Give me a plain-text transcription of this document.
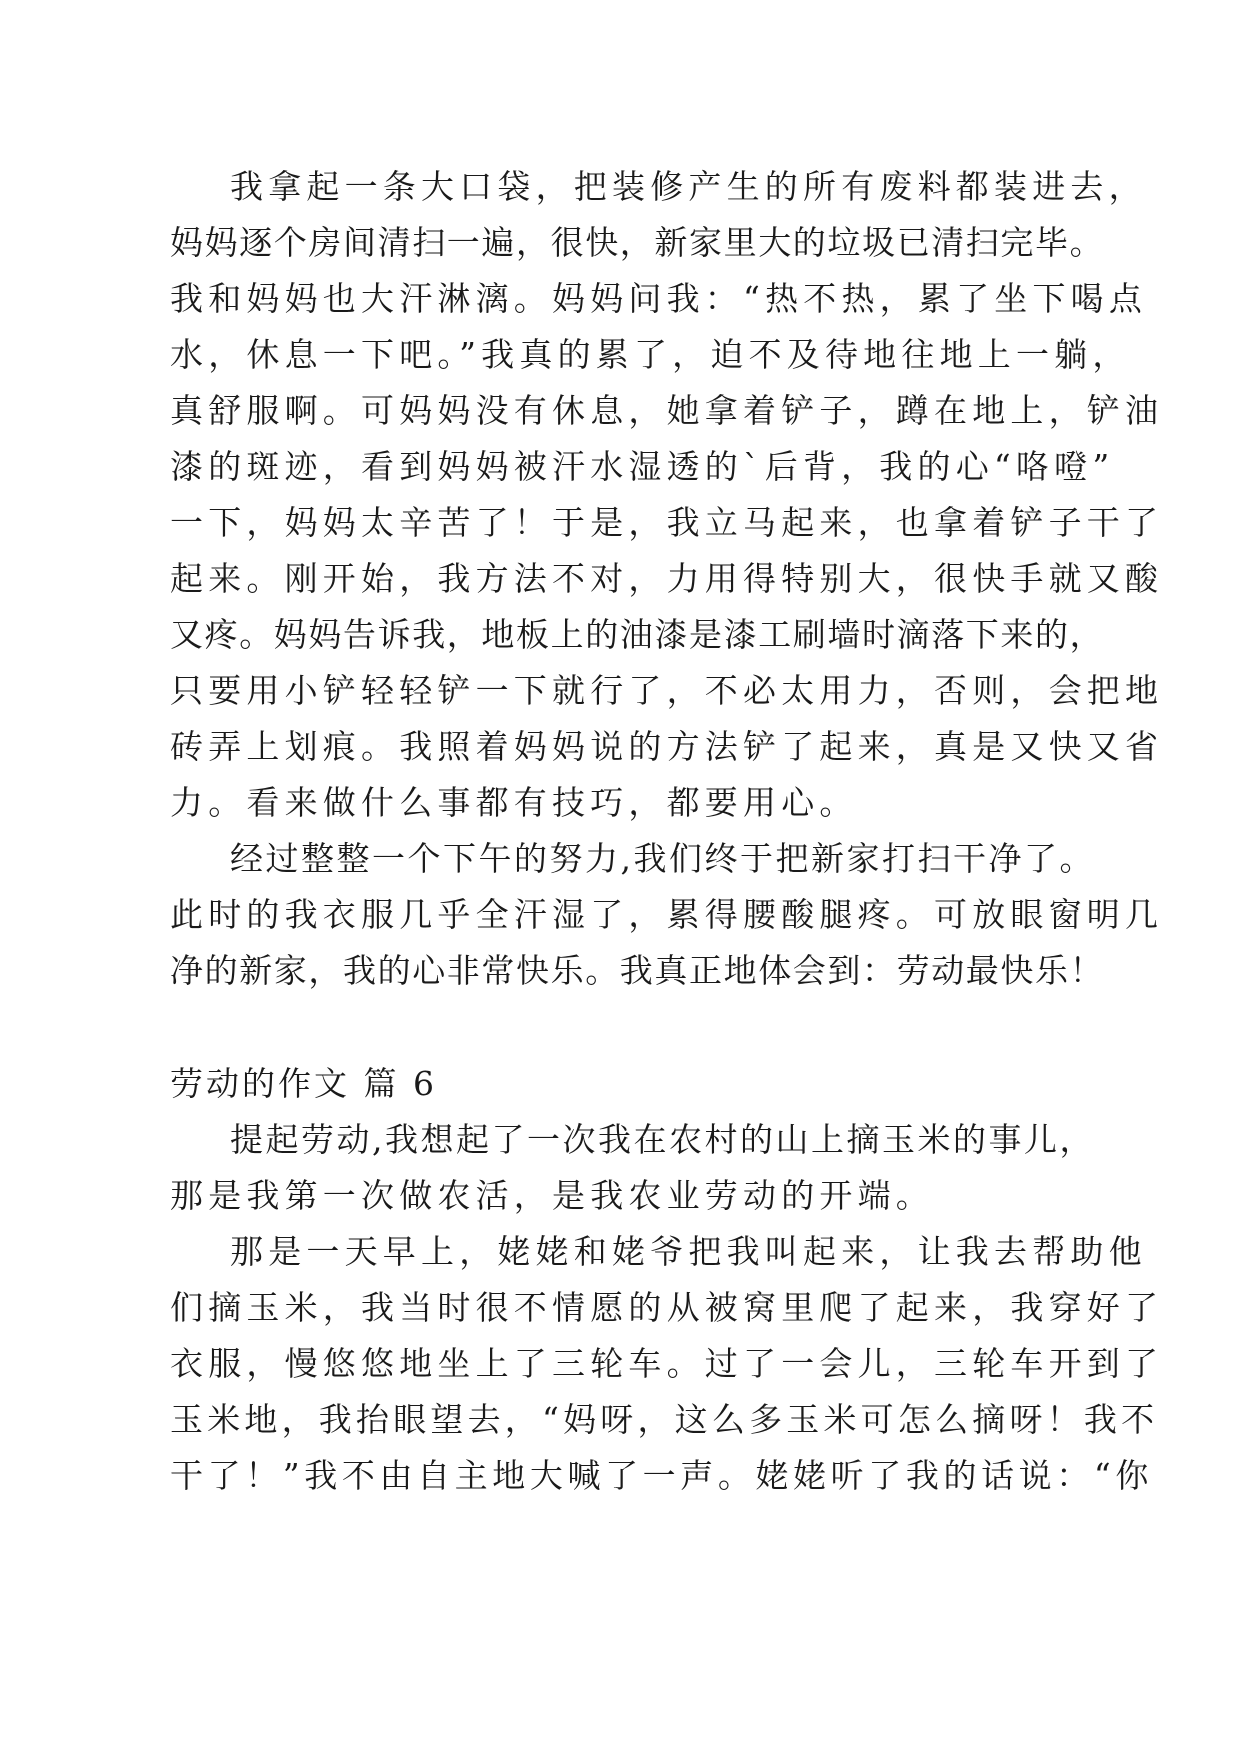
我拿起一条大口袋，把装修产生的所有废料都装进去，
妈妈逐个房间清扫一遍，很快，新家里大的垃圾已清扫完毕。
我和妈妈也大汗淋漓。妈妈问我：“热不热，累了坐下喝点
水，休息一下吧。”我真的累了，迫不及待地往地上一躺，
真舒服啊。可妈妈没有休息，她拿着铲子，蹲在地上，铲油
漆的斑迹，看到妈妈被汗水湿透的`后背，我的心“咯噔”
一下，妈妈太辛苦了！于是，我立马起来，也拿着铲子干了
起来。刚开始，我方法不对，力用得特别大，很快手就又酸
又疼。妈妈告诉我，地板上的油漆是漆工刷墙时滴落下来的，
只要用小铲轻轻铲一下就行了，不必太用力，否则，会把地
砖弄上划痕。我照着妈妈说的方法铲了起来，真是又快又省
力。看来做什么事都有技巧，都要用心。
经过整整一个下午的努力,我们终于把新家打扫干净了。
此时的我衣服几乎全汗湿了，累得腰酸腿疼。可放眼窗明几
净的新家，我的心非常快乐。我真正地体会到：劳动最快乐！
劳动的作文 篇 6
提起劳动,我想起了一次我在农村的山上摘玉米的事儿，
那是我第一次做农活，是我农业劳动的开端。
那是一天早上，姥姥和姥爷把我叫起来，让我去帮助他
们摘玉米，我当时很不情愿的从被窝里爬了起来，我穿好了
衣服，慢悠悠地坐上了三轮车。过了一会儿，三轮车开到了
玉米地，我抬眼望去，“妈呀，这么多玉米可怎么摘呀！我不
干了！”我不由自主地大喊了一声。姥姥听了我的话说：“你
